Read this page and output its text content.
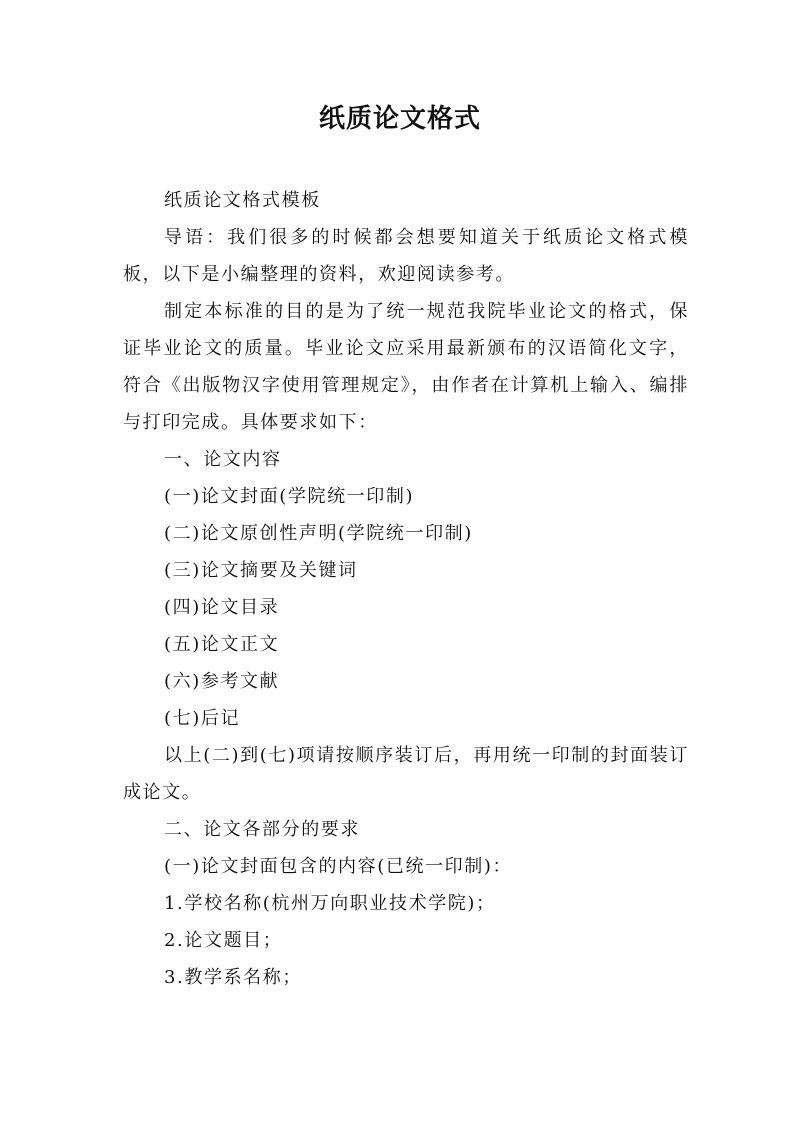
纸质论文格式

纸质论文格式模板

导语：我们很多的时候都会想要知道关于纸质论文格式模板，以下是小编整理的资料，欢迎阅读参考。

制定本标准的目的是为了统一规范我院毕业论文的格式，保证毕业论文的质量。毕业论文应采用最新颁布的汉语简化文字，符合《出版物汉字使用管理规定》，由作者在计算机上输入、编排与打印完成。具体要求如下：

一、论文内容

(一)论文封面(学院统一印制)

(二)论文原创性声明(学院统一印制)

(三)论文摘要及关键词

(四)论文目录

(五)论文正文

(六)参考文献

(七)后记

以上(二)到(七)项请按顺序装订后，再用统一印制的封面装订成论文。

二、论文各部分的要求

(一)论文封面包含的内容(已统一印制)：

1.学校名称(杭州万向职业技术学院)；

2.论文题目；

3.教学系名称；
